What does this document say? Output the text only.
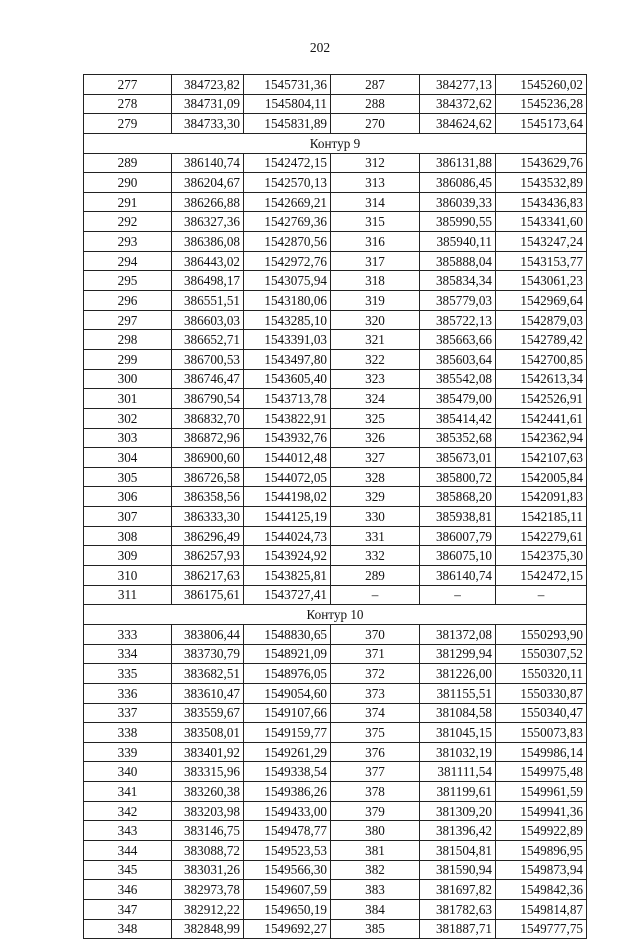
202
277	384723,82	1545731,36	287	384277,13	1545260,02
278	384731,09	1545804,11	288	384372,62	1545236,28
279	384733,30	1545831,89	270	384624,62	1545173,64
Контур 9					
289	386140,74	1542472,15	312	386131,88	1543629,76
290	386204,67	1542570,13	313	386086,45	1543532,89
291	386266,88	1542669,21	314	386039,33	1543436,83
292	386327,36	1542769,36	315	385990,55	1543341,60
293	386386,08	1542870,56	316	385940,11	1543247,24
294	386443,02	1542972,76	317	385888,04	1543153,77
295	386498,17	1543075,94	318	385834,34	1543061,23
296	386551,51	1543180,06	319	385779,03	1542969,64
297	386603,03	1543285,10	320	385722,13	1542879,03
298	386652,71	1543391,03	321	385663,66	1542789,42
299	386700,53	1543497,80	322	385603,64	1542700,85
300	386746,47	1543605,40	323	385542,08	1542613,34
301	386790,54	1543713,78	324	385479,00	1542526,91
302	386832,70	1543822,91	325	385414,42	1542441,61
303	386872,96	1543932,76	326	385352,68	1542362,94
304	386900,60	1544012,48	327	385673,01	1542107,63
305	386726,58	1544072,05	328	385800,72	1542005,84
306	386358,56	1544198,02	329	385868,20	1542091,83
307	386333,30	1544125,19	330	385938,81	1542185,11
308	386296,49	1544024,73	331	386007,79	1542279,61
309	386257,93	1543924,92	332	386075,10	1542375,30
310	386217,63	1543825,81	289	386140,74	1542472,15
311	386175,61	1543727,41	–	–	–
Контур 10					
333	383806,44	1548830,65	370	381372,08	1550293,90
334	383730,79	1548921,09	371	381299,94	1550307,52
335	383682,51	1548976,05	372	381226,00	1550320,11
336	383610,47	1549054,60	373	381155,51	1550330,87
337	383559,67	1549107,66	374	381084,58	1550340,47
338	383508,01	1549159,77	375	381045,15	1550073,83
339	383401,92	1549261,29	376	381032,19	1549986,14
340	383315,96	1549338,54	377	381111,54	1549975,48
341	383260,38	1549386,26	378	381199,61	1549961,59
342	383203,98	1549433,00	379	381309,20	1549941,36
343	383146,75	1549478,77	380	381396,42	1549922,89
344	383088,72	1549523,53	381	381504,81	1549896,95
345	383031,26	1549566,30	382	381590,94	1549873,94
346	382973,78	1549607,59	383	381697,82	1549842,36
347	382912,22	1549650,19	384	381782,63	1549814,87
348	382848,99	1549692,27	385	381887,71	1549777,75
